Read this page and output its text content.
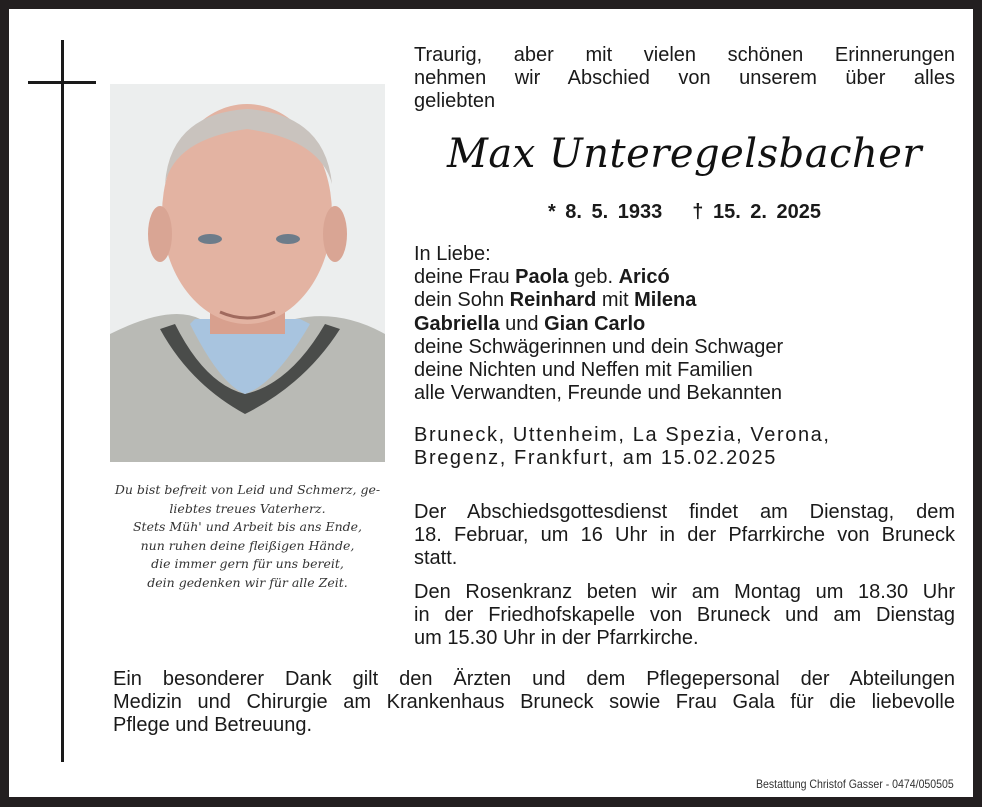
Du bist befreit von Leid und Schmerz, ge-
liebtes treues Vaterherz.
Stets Müh' und Arbeit bis ans Ende,
nun ruhen deine fleißigen Hände,
die immer gern für uns bereit,
dein gedenken wir für alle Zeit.
Traurig, aber mit vielen schönen Erinnerungen
nehmen wir Abschied von unserem über alles
geliebten
Max Unteregelsbacher
* 8. 5. 1933 † 15. 2. 2025
In Liebe:
deine Frau Paola geb. Aricó
dein Sohn Reinhard mit Milena
Gabriella und Gian Carlo
deine Schwägerinnen und dein Schwager
deine Nichten und Neffen mit Familien
alle Verwandten, Freunde und Bekannten
Bruneck, Uttenheim, La Spezia, Verona,
Bregenz, Frankfurt, am 15.02.2025
Der Abschiedsgottesdienst findet am Dienstag, dem
18. Februar, um 16 Uhr in der Pfarrkirche von Bruneck
statt.
Den Rosenkranz beten wir am Montag um 18.30 Uhr
in der Friedhofskapelle von Bruneck und am Dienstag
um 15.30 Uhr in der Pfarrkirche.
Ein besonderer Dank gilt den Ärzten und dem Pflegepersonal der Abteilungen
Medizin und Chirurgie am Krankenhaus Bruneck sowie Frau Gala für die liebevolle
Pflege und Betreuung.
Bestattung Christof Gasser - 0474/050505
